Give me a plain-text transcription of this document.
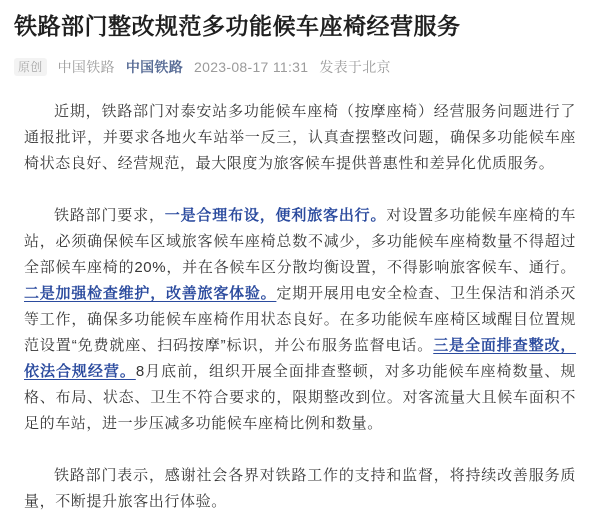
铁路部门整改规范多功能候车座椅经营服务
原创 中国铁路 中国铁路 2023-08-17 11:31 发表于北京

近期，铁路部门对泰安站多功能候车座椅（按摩座椅）经营服务问题进行了通报批评，并要求各地火车站举一反三，认真查摆整改问题，确保多功能候车座椅状态良好、经营规范，最大限度为旅客候车提供普惠性和差异化优质服务。

铁路部门要求，一是合理布设，便利旅客出行。对设置多功能候车座椅的车站，必须确保候车区域旅客候车座椅总数不减少，多功能候车座椅数量不得超过全部候车座椅的20%，并在各候车区分散均衡设置，不得影响旅客候车、通行。二是加强检查维护，改善旅客体验。定期开展用电安全检查、卫生保洁和消杀灭等工作，确保多功能候车座椅作用状态良好。在多功能候车座椅区域醒目位置规范设置“免费就座、扫码按摩”标识，并公布服务监督电话。三是全面排查整改，依法合规经营。8月底前，组织开展全面排查整顿，对多功能候车座椅数量、规格、布局、状态、卫生不符合要求的，限期整改到位。对客流量大且候车面积不足的车站，进一步压减多功能候车座椅比例和数量。

铁路部门表示，感谢社会各界对铁路工作的支持和监督，将持续改善服务质量，不断提升旅客出行体验。
